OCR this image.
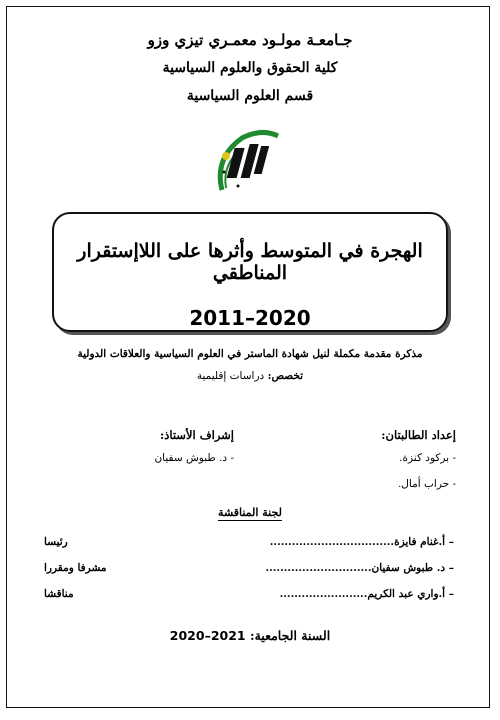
جـامعـة مولـود معمـري تيزي وزو
كلية الحقوق والعلوم السياسية
قسم العلوم السياسية
الهجرة في المتوسط وأثرها على اللاإستقرار المناطقي
2011–2020
مذكرة مقدمة مكملة لنيل شهادة الماستر في العلوم السياسية والعلاقات الدولية
تخصص: دراسات إقليمية
إعداد الطالبتان:
- بركود كنزة.
- حراب أمال.
إشراف الأستاذ:
- د. طبوش سفيان
لجنة المناقشة
– أ.غنام فايزة..................................
رئيسا
– د. طبوش سفيان.............................
مشرفا ومقررا
– أ.واري عبد الكريم........................
مناقشا
السنة الجامعية: 2020–2021
